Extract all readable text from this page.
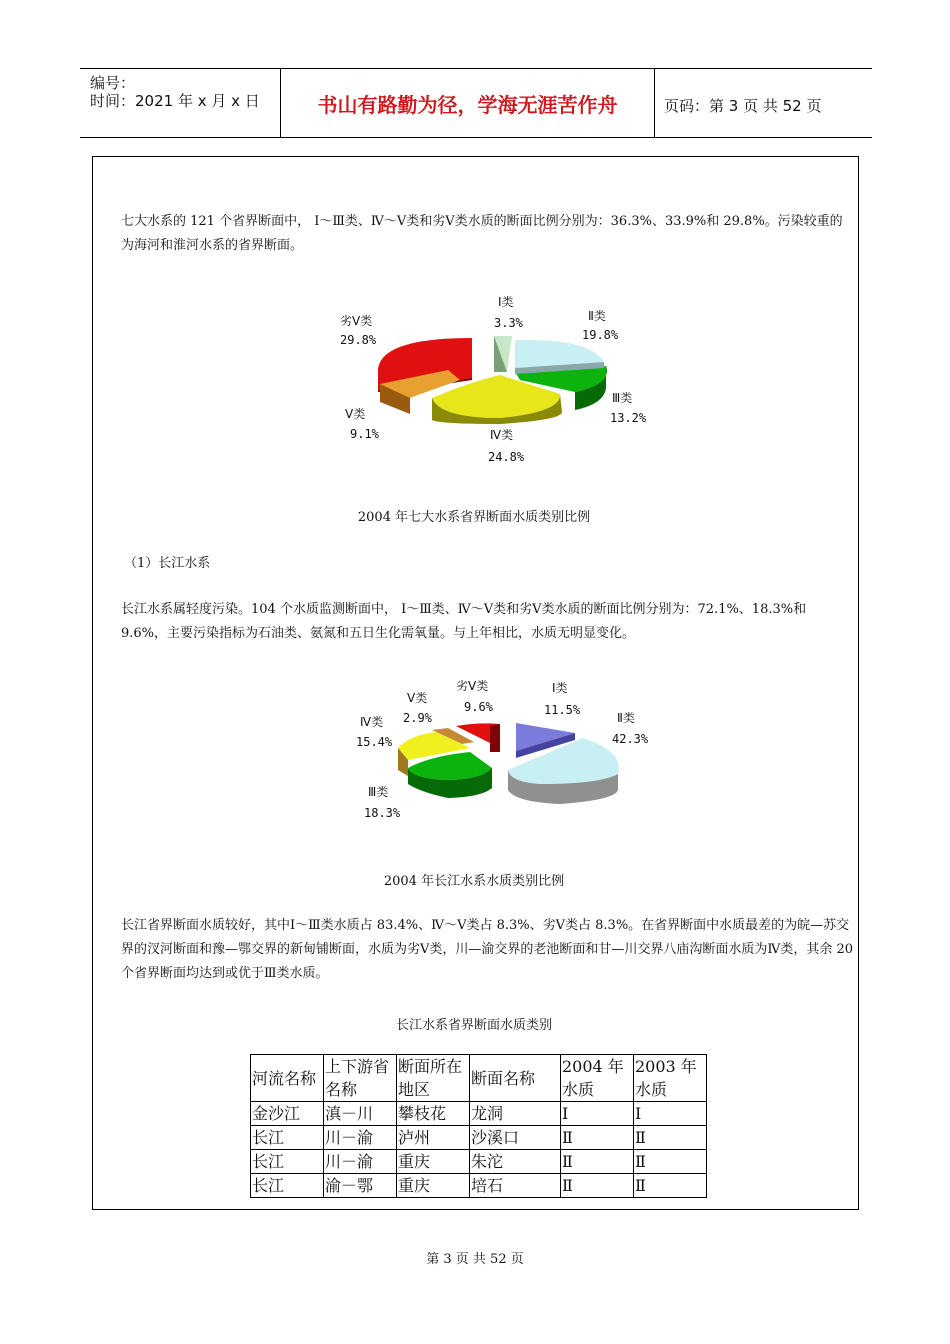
编号：
时间：2021 年 x 月 x 日	书山有路勤为径，学海无涯苦作舟	页码：第 3 页 共 52 页
七大水系的 121 个省界断面中， Ⅰ～Ⅲ类、Ⅳ～Ⅴ类和劣Ⅴ类水质的断面比例分别为：36.3%、33.9%和 29.8%。污染较重的为海河和淮河水系的省界断面。
Ⅰ类
3.3%	Ⅱ类
19.8%
Ⅲ类
13.2%
Ⅳ类
24.8%
Ⅴ类
9.1%
劣Ⅴ类
29.8%
Ⅰ类
11.5%
Ⅱ类
42.3%
Ⅲ类
18.3%
Ⅳ类
15.4%
Ⅴ类
2.9%
劣Ⅴ类
9.6%
2004 年七大水系省界断面水质类别比例
（1）长江水系
长江水系属轻度污染。104 个水质监测断面中， Ⅰ～Ⅲ类、Ⅳ～Ⅴ类和劣Ⅴ类水质的断面比例分别为：72.1%、18.3%和 9.6%，主要污染指标为石油类、氨氮和五日生化需氧量。与上年相比，水质无明显变化。
2004 年长江水系水质类别比例
长江省界断面水质较好，其中Ⅰ～Ⅲ类水质占 83.4%、Ⅳ～Ⅴ类占 8.3%、劣Ⅴ类占 8.3%。在省界断面中水质最差的为皖—苏交界的汊河断面和豫—鄂交界的新甸铺断面，水质为劣Ⅴ类，川—渝交界的老池断面和甘—川交界八庙沟断面水质为Ⅳ类，其余 20 个省界断面均达到或优于Ⅲ类水质。
长江水系省界断面水质类别
河流名称	上下游省名称	断面所在地区	断面名称	2004 年水质	2003 年水质
金沙江	滇－川	攀枝花	龙洞	Ⅰ	Ⅰ
长江	川－渝	泸州	沙溪口	Ⅱ	Ⅱ
长江	川－渝	重庆	朱沱	Ⅱ	Ⅱ
长江	渝－鄂	重庆	培石	Ⅱ	Ⅱ
第 3 页 共 52 页
